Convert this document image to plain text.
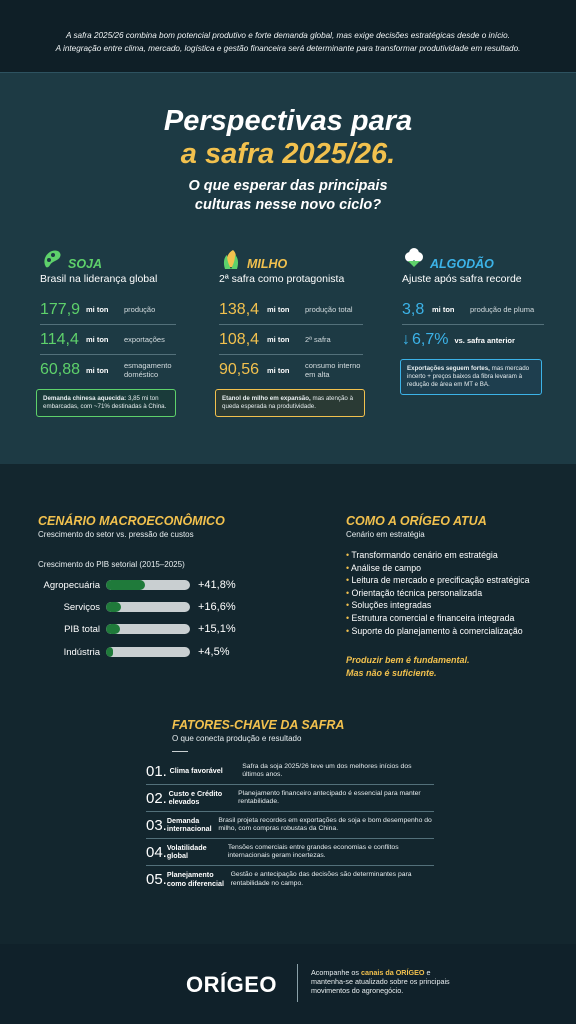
A safra 2025/26 combina bom potencial produtivo e forte demanda global, mas exige decisões estratégicas desde o início.
A integração entre clima, mercado, logística e gestão financeira será determinante para transformar produtividade em resultado.
Perspectivas para
a safra 2025/26.
O que esperar das principais
culturas nesse novo ciclo?
SOJA
Brasil na liderança global
177,9 mi ton	produção
114,4 mi ton	exportações
60,88 mi ton	esmagamento doméstico
Demanda chinesa aquecida: 3,85 mi ton embarcadas, com ~71% destinadas à China.
MILHO
2ª safra como protagonista
138,4 mi ton	produção total
108,4 mi ton	2ª safra
90,56 mi ton	consumo interno em alta
Etanol de milho em expansão, mas atenção à queda esperada na produtividade.
ALGODÃO
Ajuste após safra recorde
3,8 mi ton	produção de pluma
↓ 6,7% vs. safra anterior
Exportações seguem fortes, mas mercado incerto + preços baixos da fibra levaram à redução de área em MT e BA.
CENÁRIO MACROECONÔMICO
Crescimento do setor vs. pressão de custos
Crescimento do PIB setorial (2015–2025)
Agropecuária	+41,8%
Serviços	+16,6%
PIB total	+15,1%
Indústria	+4,5%
COMO A ORÍGEO ATUA
Cenário em estratégia
• Transformando cenário em estratégia
• Análise de campo
• Leitura de mercado e precificação estratégica
• Orientação técnica personalizada
• Soluções integradas
• Estrutura comercial e financeira integrada
• Suporte do planejamento à comercialização
Produzir bem é fundamental.
Mas não é suficiente.
FATORES-CHAVE DA SAFRA
O que conecta produção e resultado
01. Clima favorável	Safra da soja 2025/26 teve um dos melhores inícios dos últimos anos.
02. Custo e Crédito elevados
Planejamento financeiro antecipado é essencial para manter rentabilidade.
03. Demanda internacional
Brasil projeta recordes em exportações de soja e bom desempenho do milho, com compras robustas da China.
04. Volatilidade global
Tensões comerciais entre grandes economias e conflitos internacionais geram incertezas.
05. Planejamento como diferencial
Gestão e antecipação das decisões são determinantes para rentabilidade no campo.
ORÍGEO	Acompanhe os canais da ORÍGEO e mantenha-se atualizado sobre os principais movimentos do agronegócio.
